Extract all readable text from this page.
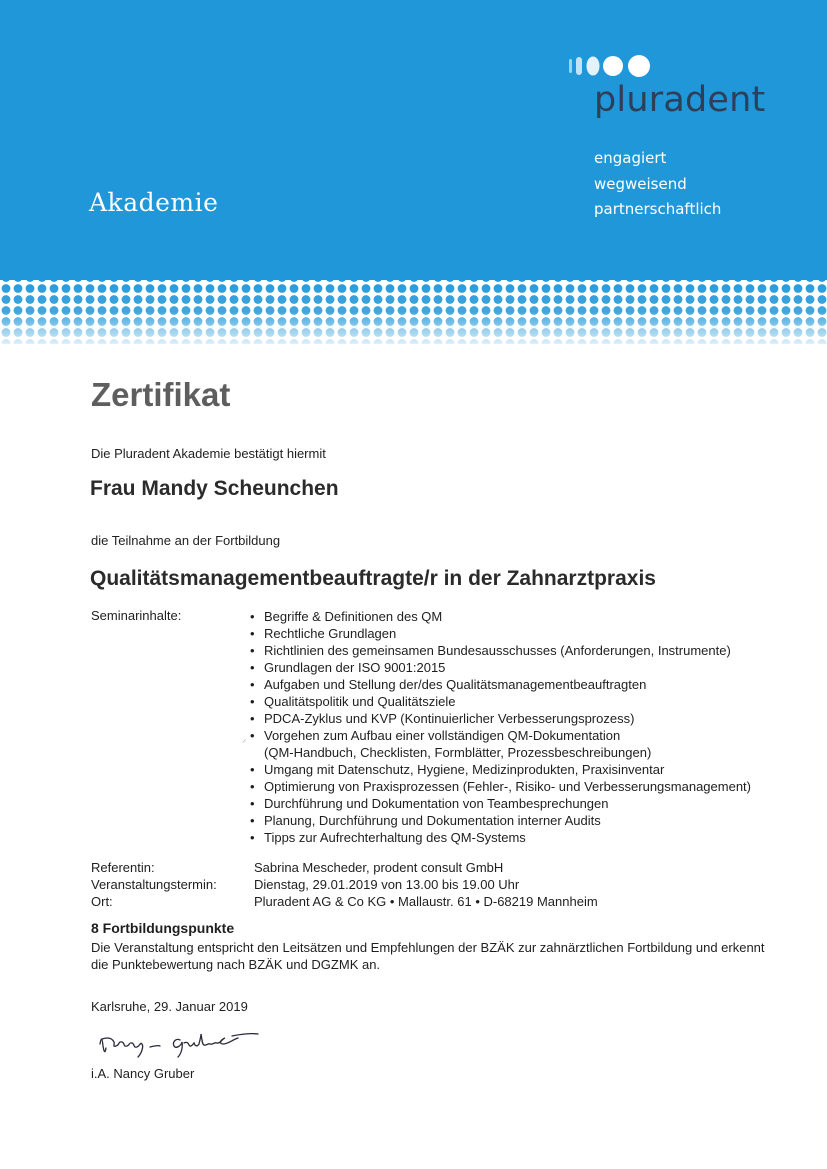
Akademie
pluradent
engagiert
wegweisend
partnerschaftlich
Zertifikat
Die Pluradent Akademie bestätigt hiermit
Frau Mandy Scheunchen
die Teilnahme an der Fortbildung
Qualitätsmanagementbeauftragte/r in der Zahnarztpraxis
Seminarinhalte:	• Begriffe & Definitionen des QM
• Rechtliche Grundlagen
• Richtlinien des gemeinsamen Bundesausschusses (Anforderungen, Instrumente)
• Grundlagen der ISO 9001:2015
• Aufgaben und Stellung der/des Qualitätsmanagementbeauftragten
• Qualitätspolitik und Qualitätsziele
• PDCA-Zyklus und KVP (Kontinuierlicher Verbesserungsprozess)
• Vorgehen zum Aufbau einer vollständigen QM-Dokumentation
(QM-Handbuch, Checklisten, Formblätter, Prozessbeschreibungen)
• Umgang mit Datenschutz, Hygiene, Medizinprodukten, Praxisinventar
• Optimierung von Praxisprozessen (Fehler-, Risiko- und Verbesserungsmanagement)
• Durchführung und Dokumentation von Teambesprechungen
• Planung, Durchführung und Dokumentation interner Audits
• Tipps zur Aufrechterhaltung des QM-Systems
⸝
Referentin:	Sabrina Mescheder, prodent consult GmbH
Veranstaltungstermin:	Dienstag, 29.01.2019 von 13.00 bis 19.00 Uhr
Ort:	Pluradent AG & Co KG • Mallaustr. 61 • D-68219 Mannheim
8 Fortbildungspunkte
Die Veranstaltung entspricht den Leitsätzen und Empfehlungen der BZÄK zur zahnärztlichen Fortbildung und erkennt die Punktebewertung nach BZÄK und DGZMK an.
Karlsruhe, 29. Januar 2019
i.A. Nancy Gruber
